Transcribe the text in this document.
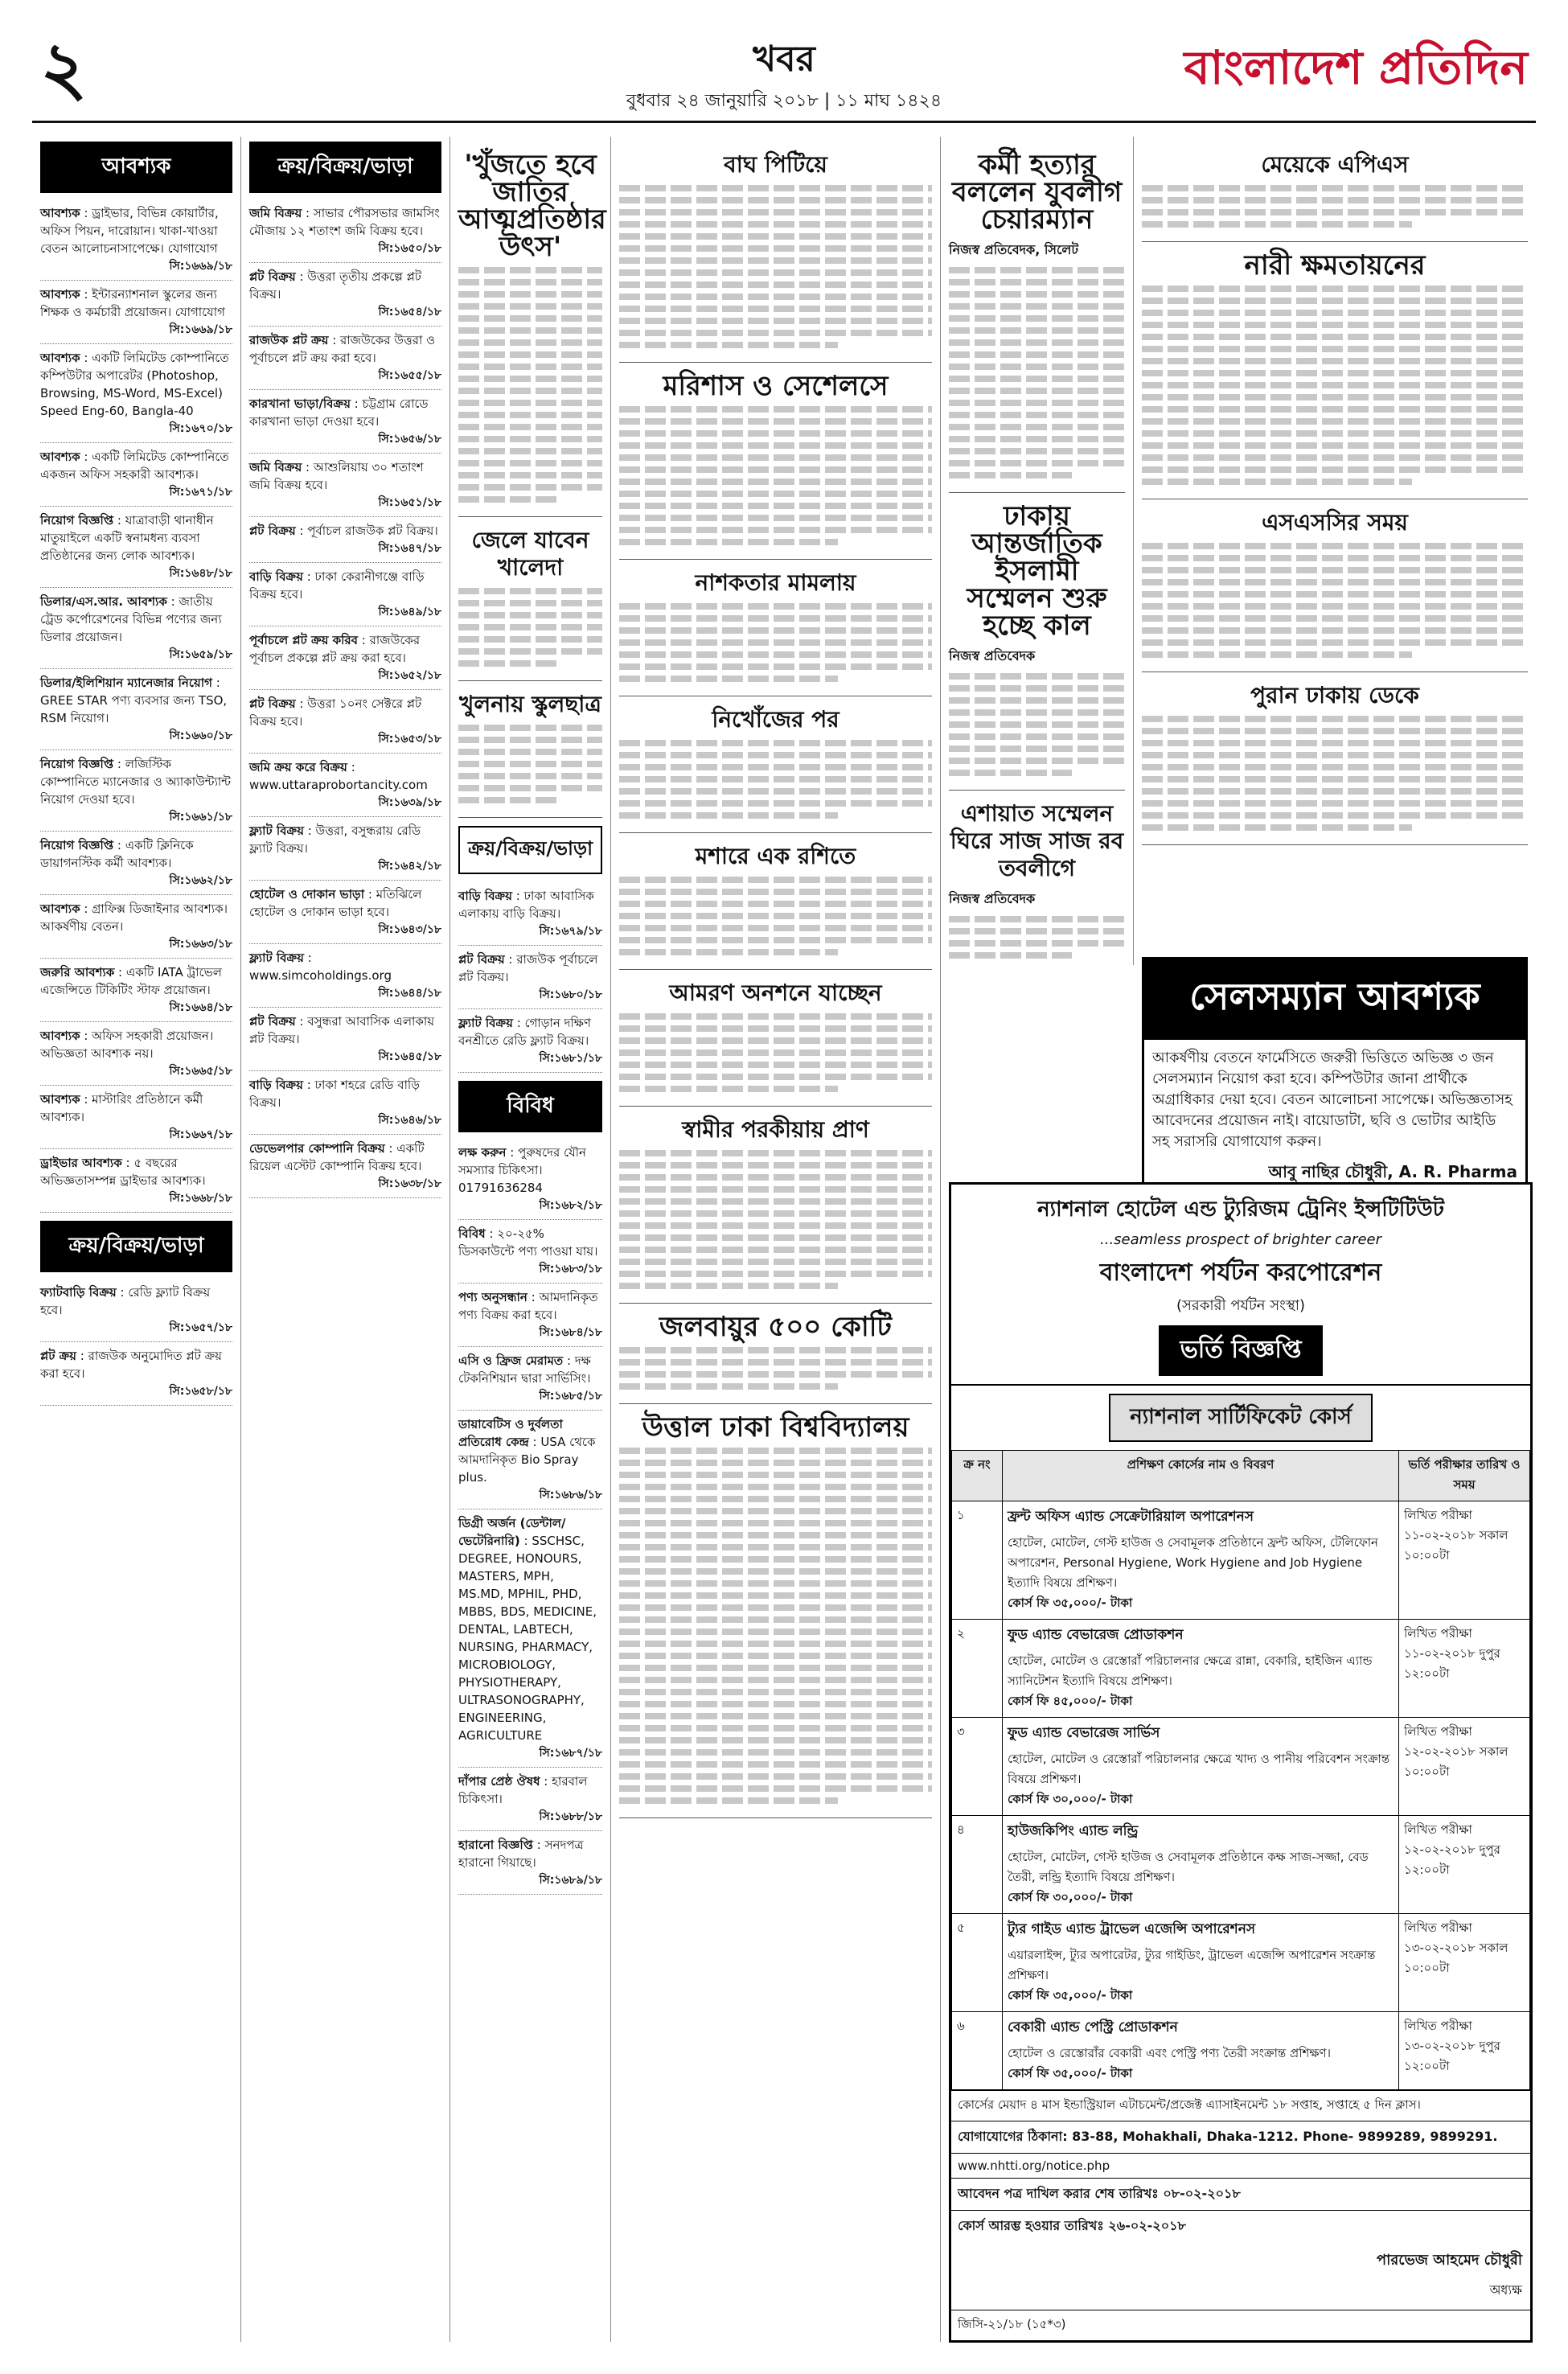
২	খবর
বুধবার ২৪ জানুয়ারি ২০১৮ | ১১ মাঘ ১৪২৪
বাংলাদেশ প্রতিদিন
আবশ্যক
আবশ্যক : ড্রাইভার, বিভিন্ন কোয়ার্টার, অফিস পিয়ন, দারোয়ান। থাকা-খাওয়া বেতন আলোচনাসাপেক্ষে। যোগাযোগ
সি:১৬৬৯/১৮
আবশ্যক : ইন্টারন্যাশনাল স্কুলের জন্য শিক্ষক ও কর্মচারী প্রয়োজন। যোগাযোগ
সি:১৬৬৯/১৮
আবশ্যক : একটি লিমিটেড কোম্পানিতে কম্পিউটার অপারেটর (Photoshop, Browsing, MS-Word, MS-Excel) Speed Eng-60, Bangla-40
সি:১৬৭০/১৮
আবশ্যক : একটি লিমিটেড কোম্পানিতে একজন অফিস সহকারী আবশ্যক।
সি:১৬৭১/১৮
নিয়োগ বিজ্ঞপ্তি : যাত্রাবাড়ী থানাধীন মাতুয়াইলে একটি স্বনামধন্য ব্যবসা প্রতিষ্ঠানের জন্য লোক আবশ্যক।
সি:১৬৪৮/১৮
ডিলার/এস.আর. আবশ্যক : জাতীয় ট্রেড কর্পোরেশনের বিভিন্ন পণ্যের জন্য ডিলার প্রয়োজন।
সি:১৬৫৯/১৮
ডিলার/ইলিশিয়ান ম্যানেজার নিয়োগ : GREE STAR পণ্য ব্যবসার জন্য TSO, RSM নিয়োগ।
সি:১৬৬০/১৮
নিয়োগ বিজ্ঞপ্তি : লজিস্টিক কোম্পানিতে ম্যানেজার ও অ্যাকাউন্ট্যান্ট নিয়োগ দেওয়া হবে।
সি:১৬৬১/১৮
নিয়োগ বিজ্ঞপ্তি : একটি ক্লিনিকে ডায়াগনস্টিক কর্মী আবশ্যক।
সি:১৬৬২/১৮
আবশ্যক : গ্রাফিক্স ডিজাইনার আবশ্যক। আকর্ষণীয় বেতন।
সি:১৬৬৩/১৮
জরুরি আবশ্যক : একটি IATA ট্রাভেল এজেন্সিতে টিকিটিং স্টাফ প্রয়োজন।
সি:১৬৬৪/১৮
আবশ্যক : অফিস সহকারী প্রয়োজন। অভিজ্ঞতা আবশ্যক নয়।
সি:১৬৬৫/১৮
আবশ্যক : মাস্টারিং প্রতিষ্ঠানে কর্মী আবশ্যক।
সি:১৬৬৭/১৮
ড্রাইভার আবশ্যক : ৫ বছরের অভিজ্ঞতাসম্পন্ন ড্রাইভার আবশ্যক।
সি:১৬৬৮/১৮
ক্রয়/বিক্রয়/ভাড়া
ফ্যাটবাড়ি বিক্রয় : রেডি ফ্ল্যাট বিক্রয় হবে।
সি:১৬৫৭/১৮
প্লট ক্রয় : রাজউক অনুমোদিত প্লট ক্রয় করা হবে।
সি:১৬৫৮/১৮
ক্রয়/বিক্রয়/ভাড়া
জমি বিক্রয় : সাভার পৌরসভার জামসিং মৌজায় ১২ শতাংশ জমি বিক্রয় হবে।
সি:১৬৫০/১৮
প্লট বিক্রয় : উত্তরা তৃতীয় প্রকল্পে প্লট বিক্রয়।
সি:১৬৫৪/১৮
রাজউক প্লট ক্রয় : রাজউকের উত্তরা ও পূর্বাচলে প্লট ক্রয় করা হবে।
সি:১৬৫৫/১৮
কারখানা ভাড়া/বিক্রয় : চট্টগ্রাম রোডে কারখানা ভাড়া দেওয়া হবে।
সি:১৬৫৬/১৮
জমি বিক্রয় : আশুলিয়ায় ৩০ শতাংশ জমি বিক্রয় হবে।
সি:১৬৫১/১৮
প্লট বিক্রয় : পূর্বাচল রাজউক প্লট বিক্রয়।
সি:১৬৪৭/১৮
বাড়ি বিক্রয় : ঢাকা কেরানীগঞ্জে বাড়ি বিক্রয় হবে।
সি:১৬৪৯/১৮
পূর্বাচলে প্লট ক্রয় করিব : রাজউকের পূর্বাচল প্রকল্পে প্লট ক্রয় করা হবে।
সি:১৬৫২/১৮
প্লট বিক্রয় : উত্তরা ১০নং সেক্টরে প্লট বিক্রয় হবে।
সি:১৬৫৩/১৮
জমি ক্রয় করে বিক্রয় : www.uttaraprobortancity.com
সি:১৬৩৯/১৮
ফ্ল্যাট বিক্রয় : উত্তরা, বসুন্ধরায় রেডি ফ্ল্যাট বিক্রয়।
সি:১৬৪২/১৮
হোটেল ও দোকান ভাড়া : মতিঝিলে হোটেল ও দোকান ভাড়া হবে।
সি:১৬৪৩/১৮
ফ্ল্যাট বিক্রয় : www.simcoholdings.org
সি:১৬৪৪/১৮
প্লট বিক্রয় : বসুন্ধরা আবাসিক এলাকায় প্লট বিক্রয়।
সি:১৬৪৫/১৮
বাড়ি বিক্রয় : ঢাকা শহরে রেডি বাড়ি বিক্রয়।
সি:১৬৪৬/১৮
ডেভেলপার কোম্পানি বিক্রয় : একটি রিয়েল এস্টেট কোম্পানি বিক্রয় হবে।
সি:১৬৩৮/১৮
'খুঁজতে হবে জাতির আত্মপ্রতিষ্ঠার উৎস'
জেলে যাবেন খালেদা
খুলনায় স্কুলছাত্র
ক্রয়/বিক্রয়/ভাড়া
বাড়ি বিক্রয় : ঢাকা আবাসিক এলাকায় বাড়ি বিক্রয়।
সি:১৬৭৯/১৮
প্লট বিক্রয় : রাজউক পূর্বাচলে প্লট বিক্রয়।
সি:১৬৮০/১৮
ফ্ল্যাট বিক্রয় : গোড়ান দক্ষিণ বনশ্রীতে রেডি ফ্ল্যাট বিক্রয়।
সি:১৬৮১/১৮
বিবিধ
লক্ষ করুন : পুরুষদের যৌন সমস্যার চিকিৎসা। 01791636284
সি:১৬৮২/১৮
বিবিধ : ২০-২৫% ডিসকাউন্টে পণ্য পাওয়া যায়।
সি:১৬৮৩/১৮
পণ্য অনুসন্ধান : আমদানিকৃত পণ্য বিক্রয় করা হবে।
সি:১৬৮৪/১৮
এসি ও ফ্রিজ মেরামত : দক্ষ টেকনিশিয়ান দ্বারা সার্ভিসিং।
সি:১৬৮৫/১৮
ডায়াবেটিস ও দুর্বলতা প্রতিরোধ কেন্দ্র : USA থেকে আমদানিকৃত Bio Spray plus.
সি:১৬৮৬/১৮
ডিগ্রী অর্জন (ডেন্টাল/ভেটেরিনারি) : SSCHSC, DEGREE, HONOURS, MASTERS, MPH, MS.MD, MPHIL, PHD, MBBS, BDS, MEDICINE, DENTAL, LABTECH, NURSING, PHARMACY, MICROBIOLOGY, PHYSIOTHERAPY, ULTRASONOGRAPHY, ENGINEERING, AGRICULTURE
সি:১৬৮৭/১৮
দাঁপার প্রেষ্ঠ ঔষধ : হারবাল চিকিৎসা।
সি:১৬৮৮/১৮
হারানো বিজ্ঞপ্তি : সনদপত্র হারানো গিয়াছে।
সি:১৬৮৯/১৮
বাঘ পিটিয়ে
মরিশাস ও সেশেলসে
নাশকতার মামলায়
নিখোঁজের পর
মশারে এক রশিতে
আমরণ অনশনে যাচ্ছেন
স্বামীর পরকীয়ায় প্রাণ
জলবায়ুর ৫০০ কোটি
উত্তাল ঢাকা বিশ্ববিদ্যালয়
কর্মী হত্যার বললেন যুবলীগ চেয়ারম্যান
নিজস্ব প্রতিবেদক, সিলেট
ঢাকায় আন্তর্জাতিক ইসলামী সম্মেলন শুরু হচ্ছে কাল
নিজস্ব প্রতিবেদক
এশায়াত সম্মেলন ঘিরে সাজ সাজ রব তবলীগে
নিজস্ব প্রতিবেদক
মেয়েকে এপিএস
নারী ক্ষমতায়নের
এসএসসির সময়
পুরান ঢাকায় ডেকে
সেলসম্যান আবশ্যক
আকর্ষণীয় বেতনে ফার্মেসিতে জরুরী ভিত্তিতে অভিজ্ঞ ৩ জন সেলসম্যান নিয়োগ করা হবে। কম্পিউটার জানা প্রার্থীকে অগ্রাধিকার দেয়া হবে। বেতন আলোচনা সাপেক্ষে। অভিজ্ঞতাসহ আবেদনের প্রয়োজন নাই। বায়োডাটা, ছবি ও ভোটার আইডি সহ সরাসরি যোগাযোগ করুন।
আবু নাছির চৌধুরী, A. R. Pharma
ন্যাশনাল হোটেল এন্ড ট্যুরিজম ট্রেনিং ইন্সটিটিউট
...seamless prospect of brighter career
বাংলাদেশ পর্যটন করপোরেশন
(সরকারী পর্যটন সংস্থা)
ভর্তি বিজ্ঞপ্তি
ন্যাশনাল সার্টিফিকেট কোর্স
ক্র নং	প্রশিক্ষণ কোর্সের নাম ও বিবরণ	ভর্তি পরীক্ষার তারিখ ও সময়
১	ফ্রন্ট অফিস এ্যান্ড সেক্রেটারিয়াল অপারেশনস
হোটেল, মোটেল, গেস্ট হাউজ ও সেবামূলক প্রতিষ্ঠানে ফ্রন্ট অফিস, টেলিফোন অপারেশন, Personal Hygiene, Work Hygiene and Job Hygiene ইত্যাদি বিষয়ে প্রশিক্ষণ।
কোর্স ফি ৩৫,০০০/- টাকা	লিখিত পরীক্ষা ১১-০২-২০১৮ সকাল ১০:০০টা
২	ফুড এ্যান্ড বেভারেজ প্রোডাকশন
হোটেল, মোটেল ও রেস্তোরাঁ পরিচালনার ক্ষেত্রে রান্না, বেকারি, হাইজিন এ্যান্ড স্যানিটেশন ইত্যাদি বিষয়ে প্রশিক্ষণ।
কোর্স ফি ৪৫,০০০/- টাকা	লিখিত পরীক্ষা ১১-০২-২০১৮ দুপুর ১২:০০টা
৩	ফুড এ্যান্ড বেভারেজ সার্ভিস
হোটেল, মোটেল ও রেস্তোরাঁ পরিচালনার ক্ষেত্রে খাদ্য ও পানীয় পরিবেশন সংক্রান্ত বিষয়ে প্রশিক্ষণ।
কোর্স ফি ৩০,০০০/- টাকা	লিখিত পরীক্ষা ১২-০২-২০১৮ সকাল ১০:০০টা
৪	হাউজকিপিং এ্যান্ড লন্ড্রি
হোটেল, মোটেল, গেস্ট হাউজ ও সেবামূলক প্রতিষ্ঠানে কক্ষ সাজ-সজ্জা, বেড তৈরী, লন্ড্রি ইত্যাদি বিষয়ে প্রশিক্ষণ।
কোর্স ফি ৩০,০০০/- টাকা	লিখিত পরীক্ষা ১২-০২-২০১৮ দুপুর ১২:০০টা
৫	ট্যুর গাইড এ্যান্ড ট্রাভেল এজেন্সি অপারেশনস
এয়ারলাইন্স, ট্যুর অপারেটর, ট্যুর গাইডিং, ট্রাভেল এজেন্সি অপারেশন সংক্রান্ত প্রশিক্ষণ।
কোর্স ফি ৩৫,০০০/- টাকা	লিখিত পরীক্ষা ১৩-০২-২০১৮ সকাল ১০:০০টা
৬	বেকারী এ্যান্ড পেস্ট্রি প্রোডাকশন
হোটেল ও রেস্তোরাঁর বেকারী এবং পেস্ট্রি পণ্য তৈরী সংক্রান্ত প্রশিক্ষণ।
কোর্স ফি ৩৫,০০০/- টাকা	লিখিত পরীক্ষা ১৩-০২-২০১৮ দুপুর ১২:০০টা
কোর্সের মেয়াদ ৪ মাস ইন্ডাস্ট্রিয়াল এটাচমেন্ট/প্রজেক্ট এ্যাসাইনমেন্ট ১৮ সপ্তাহ, সপ্তাহে ৫ দিন ক্লাস।
যোগাযোগের ঠিকানা: 83-88, Mohakhali, Dhaka-1212. Phone- 9899289, 9899291.
www.nhtti.org/notice.php
আবেদন পত্র দাখিল করার শেষ তারিখঃ ০৮-০২-২০১৮
কোর্স আরম্ভ হওয়ার তারিখঃ ২৬-০২-২০১৮
পারভেজ আহমেদ চৌধুরী
অধ্যক্ষ
জিসি-২১/১৮ (১৫*৩)
